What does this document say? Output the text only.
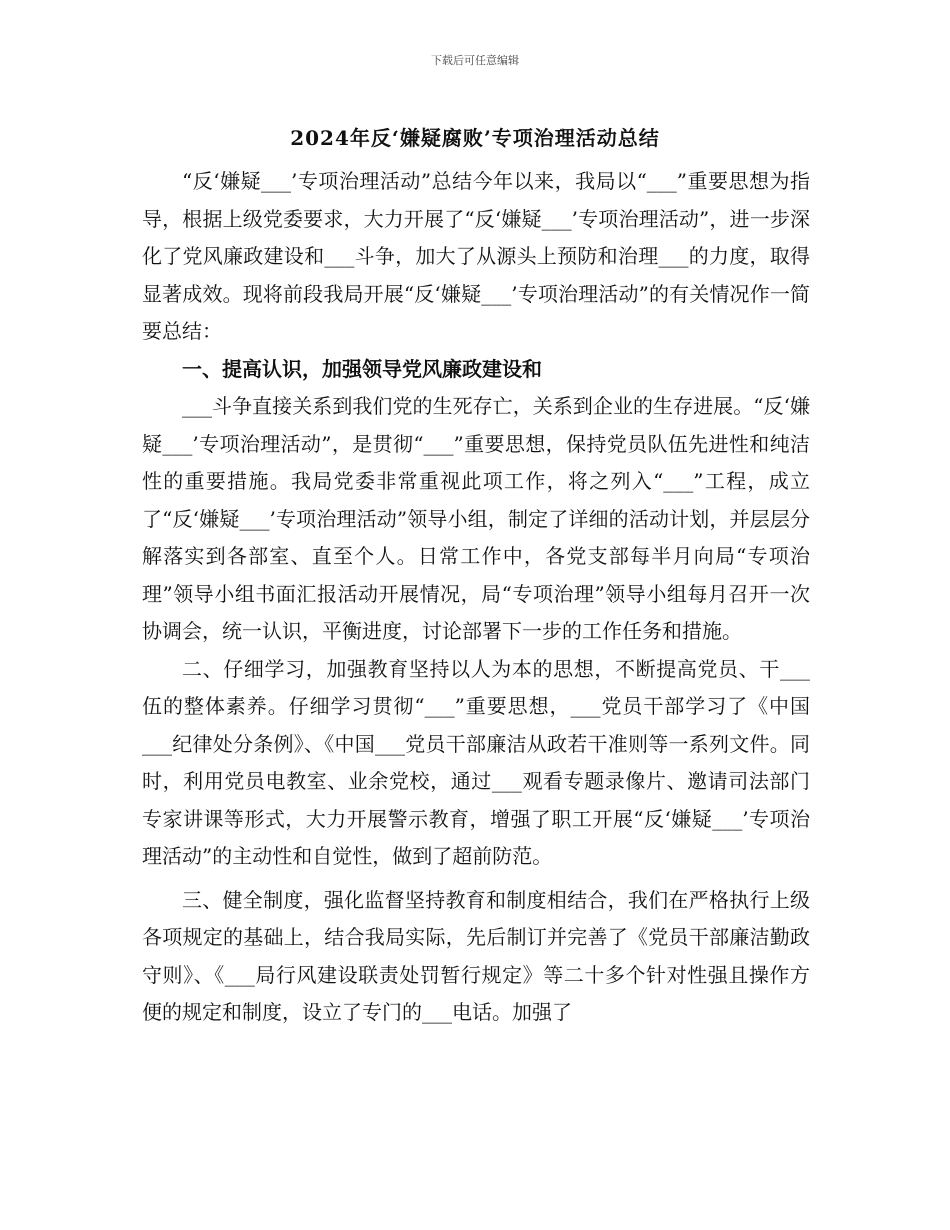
下载后可任意编辑
2024年反‘嫌疑腐败’专项治理活动总结

“反‘嫌疑___’专项治理活动”总结今年以来，我局以“___”重要思想为指导，根据上级党委要求，大力开展了“反‘嫌疑___’专项治理活动”，进一步深化了党风廉政建设和___斗争，加大了从源头上预防和治理___的力度，取得显著成效。现将前段我局开展“反‘嫌疑___’专项治理活动”的有关情况作一简要总结：

一、提高认识，加强领导党风廉政建设和

___斗争直接关系到我们党的生死存亡，关系到企业的生存进展。“反‘嫌疑___’专项治理活动”，是贯彻“___”重要思想，保持党员队伍先进性和纯洁性的重要措施。我局党委非常重视此项工作，将之列入“___”工程，成立了“反‘嫌疑___’专项治理活动”领导小组，制定了详细的活动计划，并层层分解落实到各部室、直至个人。日常工作中，各党支部每半月向局“专项治理”领导小组书面汇报活动开展情况，局“专项治理”领导小组每月召开一次协调会，统一认识，平衡进度，讨论部署下一步的工作任务和措施。

二、仔细学习，加强教育坚持以人为本的思想，不断提高党员、干___伍的整体素养。仔细学习贯彻“___”重要思想，___党员干部学习了《中国___纪律处分条例》、《中国___党员干部廉洁从政若干准则等一系列文件。同时，利用党员电教室、业余党校，通过___观看专题录像片、邀请司法部门专家讲课等形式，大力开展警示教育，增强了职工开展“反‘嫌疑___’专项治理活动”的主动性和自觉性，做到了超前防范。

三、健全制度，强化监督坚持教育和制度相结合，我们在严格执行上级各项规定的基础上，结合我局实际，先后制订并完善了《党员干部廉洁勤政守则》、《___局行风建设联责处罚暂行规定》等二十多个针对性强且操作方便的规定和制度，设立了专门的___电话。加强了
